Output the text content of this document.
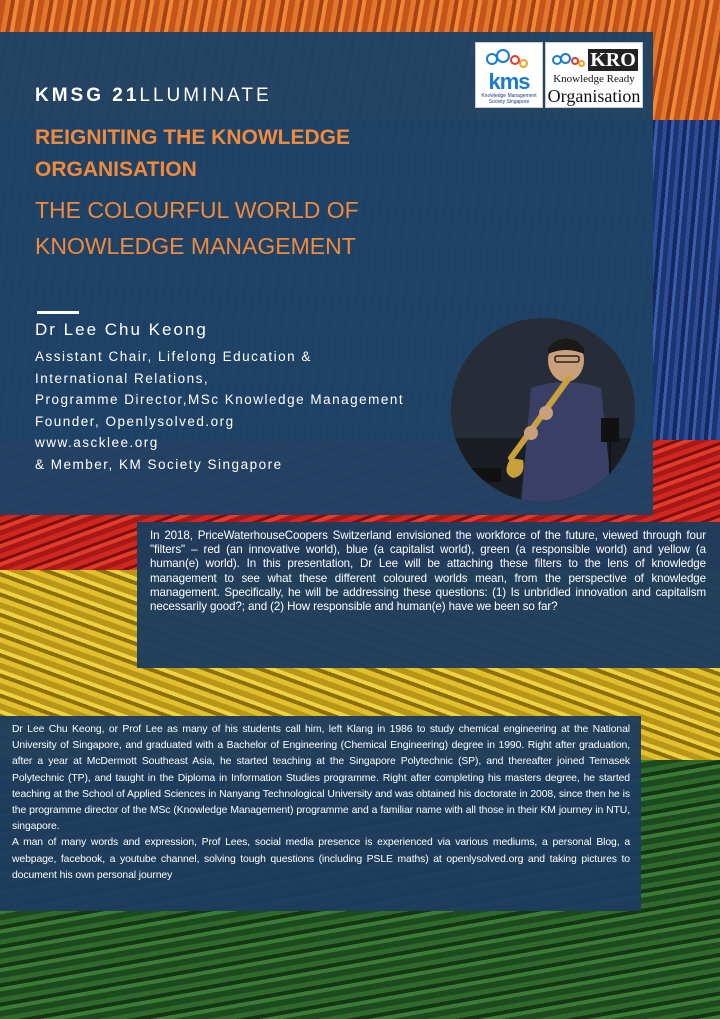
kms
Knowledge Management Society Singapore
KRO
Knowledge Ready
Organisation
KMSG 21LLUMINATE
REIGNITING THE KNOWLEDGE ORGANISATION
THE COLOURFUL WORLD OF KNOWLEDGE MANAGEMENT
Dr Lee Chu Keong
Assistant Chair, Lifelong Education &
International Relations,
Programme Director,MSc Knowledge Management
Founder, Openlysolved.org
www.ascklee.org
& Member, KM Society Singapore
In 2018, PriceWaterhouseCoopers Switzerland envisioned the workforce of the future, viewed through four "filters" – red (an innovative world), blue (a capitalist world), green (a responsible world) and yellow (a human(e) world). In this presentation, Dr Lee will be attaching these filters to the lens of knowledge management to see what these different coloured worlds mean, from the perspective of knowledge management. Specifically, he will be addressing these questions: (1) Is unbridled innovation and capitalism necessarily good?; and (2) How responsible and human(e) have we been so far?

Dr Lee Chu Keong, or Prof Lee as many of his students call him, left Klang in 1986 to study chemical engineering at the National University of Singapore, and graduated with a Bachelor of Engineering (Chemical Engineering) degree in 1990. Right after graduation, after a year at McDermott Southeast Asia, he started teaching at the Singapore Polytechnic (SP), and thereafter joined Temasek Polytechnic (TP), and taught in the Diploma in Information Studies programme. Right after completing his masters degree, he started teaching at the School of Applied Sciences in Nanyang Technological University and was obtained his doctorate in 2008, since then he is the programme director of the MSc (Knowledge Management) programme and a familiar name with all those in their KM journey in NTU, singapore.

A man of many words and expression, Prof Lees, social media presence is experienced via various mediums, a personal Blog, a webpage, facebook, a youtube channel, solving tough questions (including PSLE maths) at openlysolved.org and taking pictures to document his own personal journey
